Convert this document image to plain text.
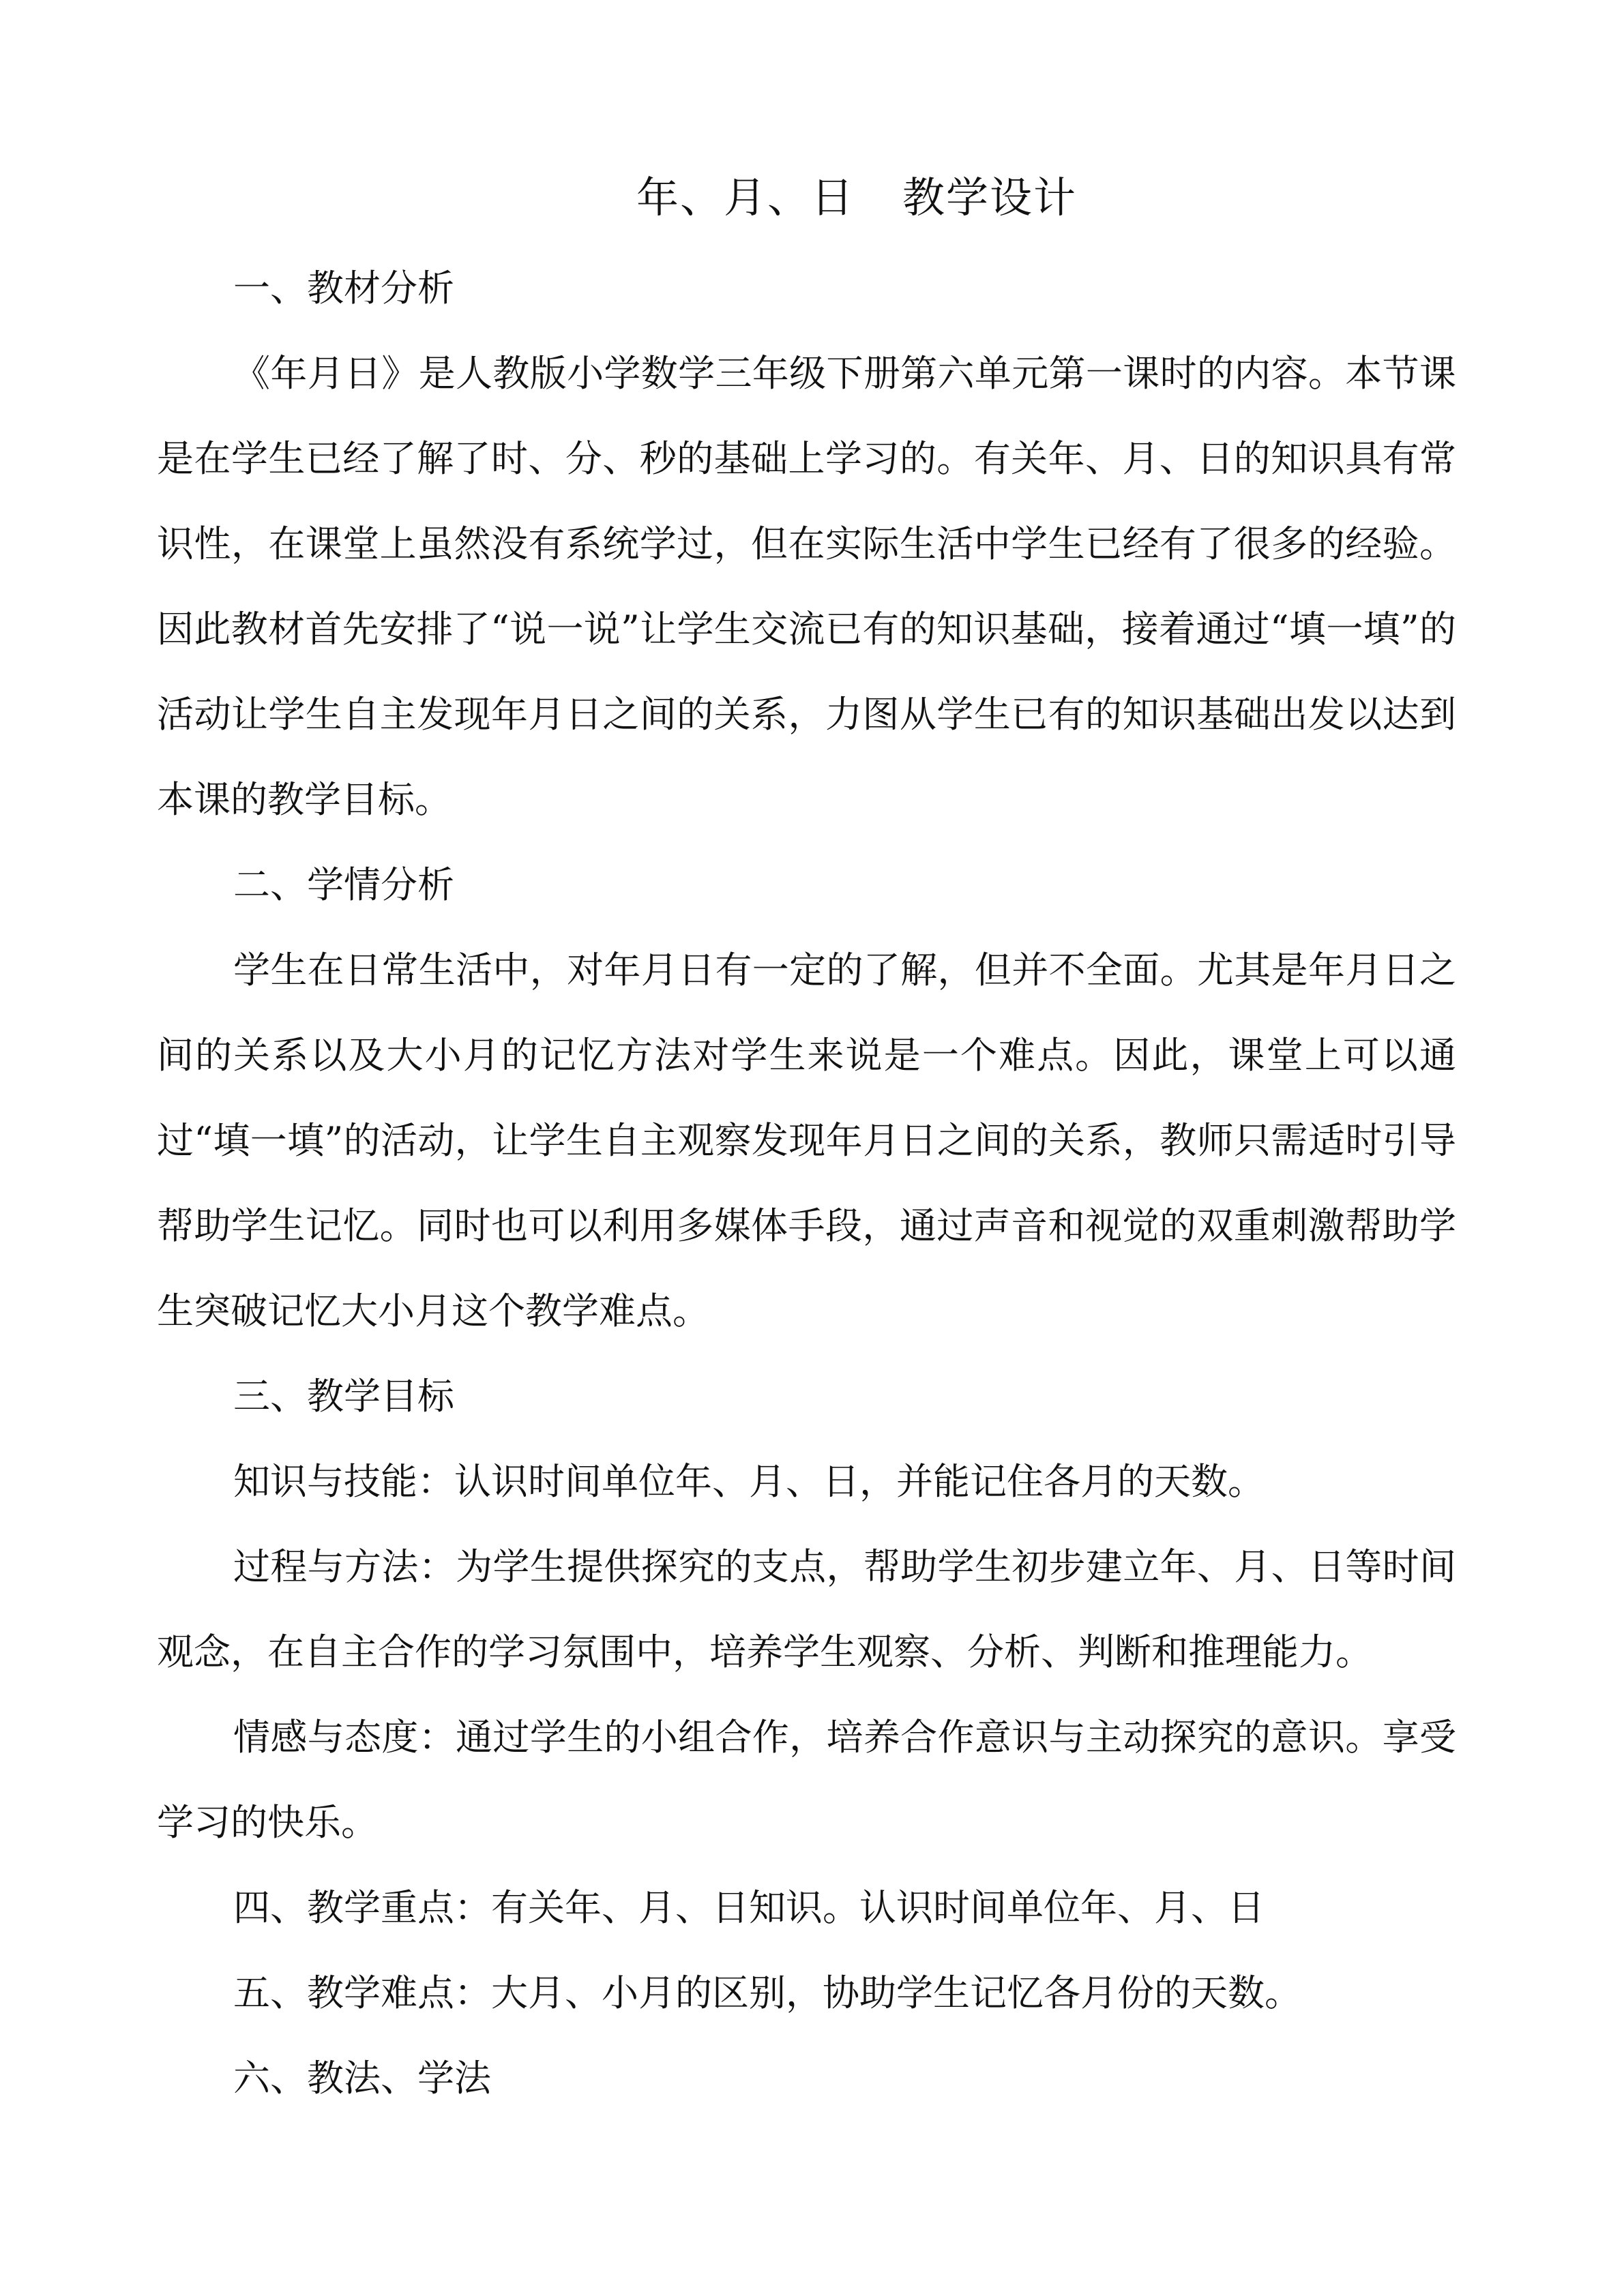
年、月、日 教学设计

一、教材分析

《年月日》是人教版小学数学三年级下册第六单元第一课时的内容。本节课是在学生已经了解了时、分、秒的基础上学习的。有关年、月、日的知识具有常识性，在课堂上虽然没有系统学过，但在实际生活中学生已经有了很多的经验。因此教材首先安排了“说一说”让学生交流已有的知识基础，接着通过“填一填”的活动让学生自主发现年月日之间的关系，力图从学生已有的知识基础出发以达到本课的教学目标。

二、学情分析

学生在日常生活中，对年月日有一定的了解，但并不全面。尤其是年月日之间的关系以及大小月的记忆方法对学生来说是一个难点。因此，课堂上可以通过“填一填”的活动，让学生自主观察发现年月日之间的关系，教师只需适时引导帮助学生记忆。同时也可以利用多媒体手段，通过声音和视觉的双重刺激帮助学生突破记忆大小月这个教学难点。

三、教学目标

知识与技能：认识时间单位年、月、日，并能记住各月的天数。

过程与方法：为学生提供探究的支点，帮助学生初步建立年、月、日等时间观念，在自主合作的学习氛围中，培养学生观察、分析、判断和推理能力。

情感与态度：通过学生的小组合作，培养合作意识与主动探究的意识。享受学习的快乐。

四、教学重点：有关年、月、日知识。认识时间单位年、月、日

五、教学难点：大月、小月的区别，协助学生记忆各月份的天数。

六、教法、学法
